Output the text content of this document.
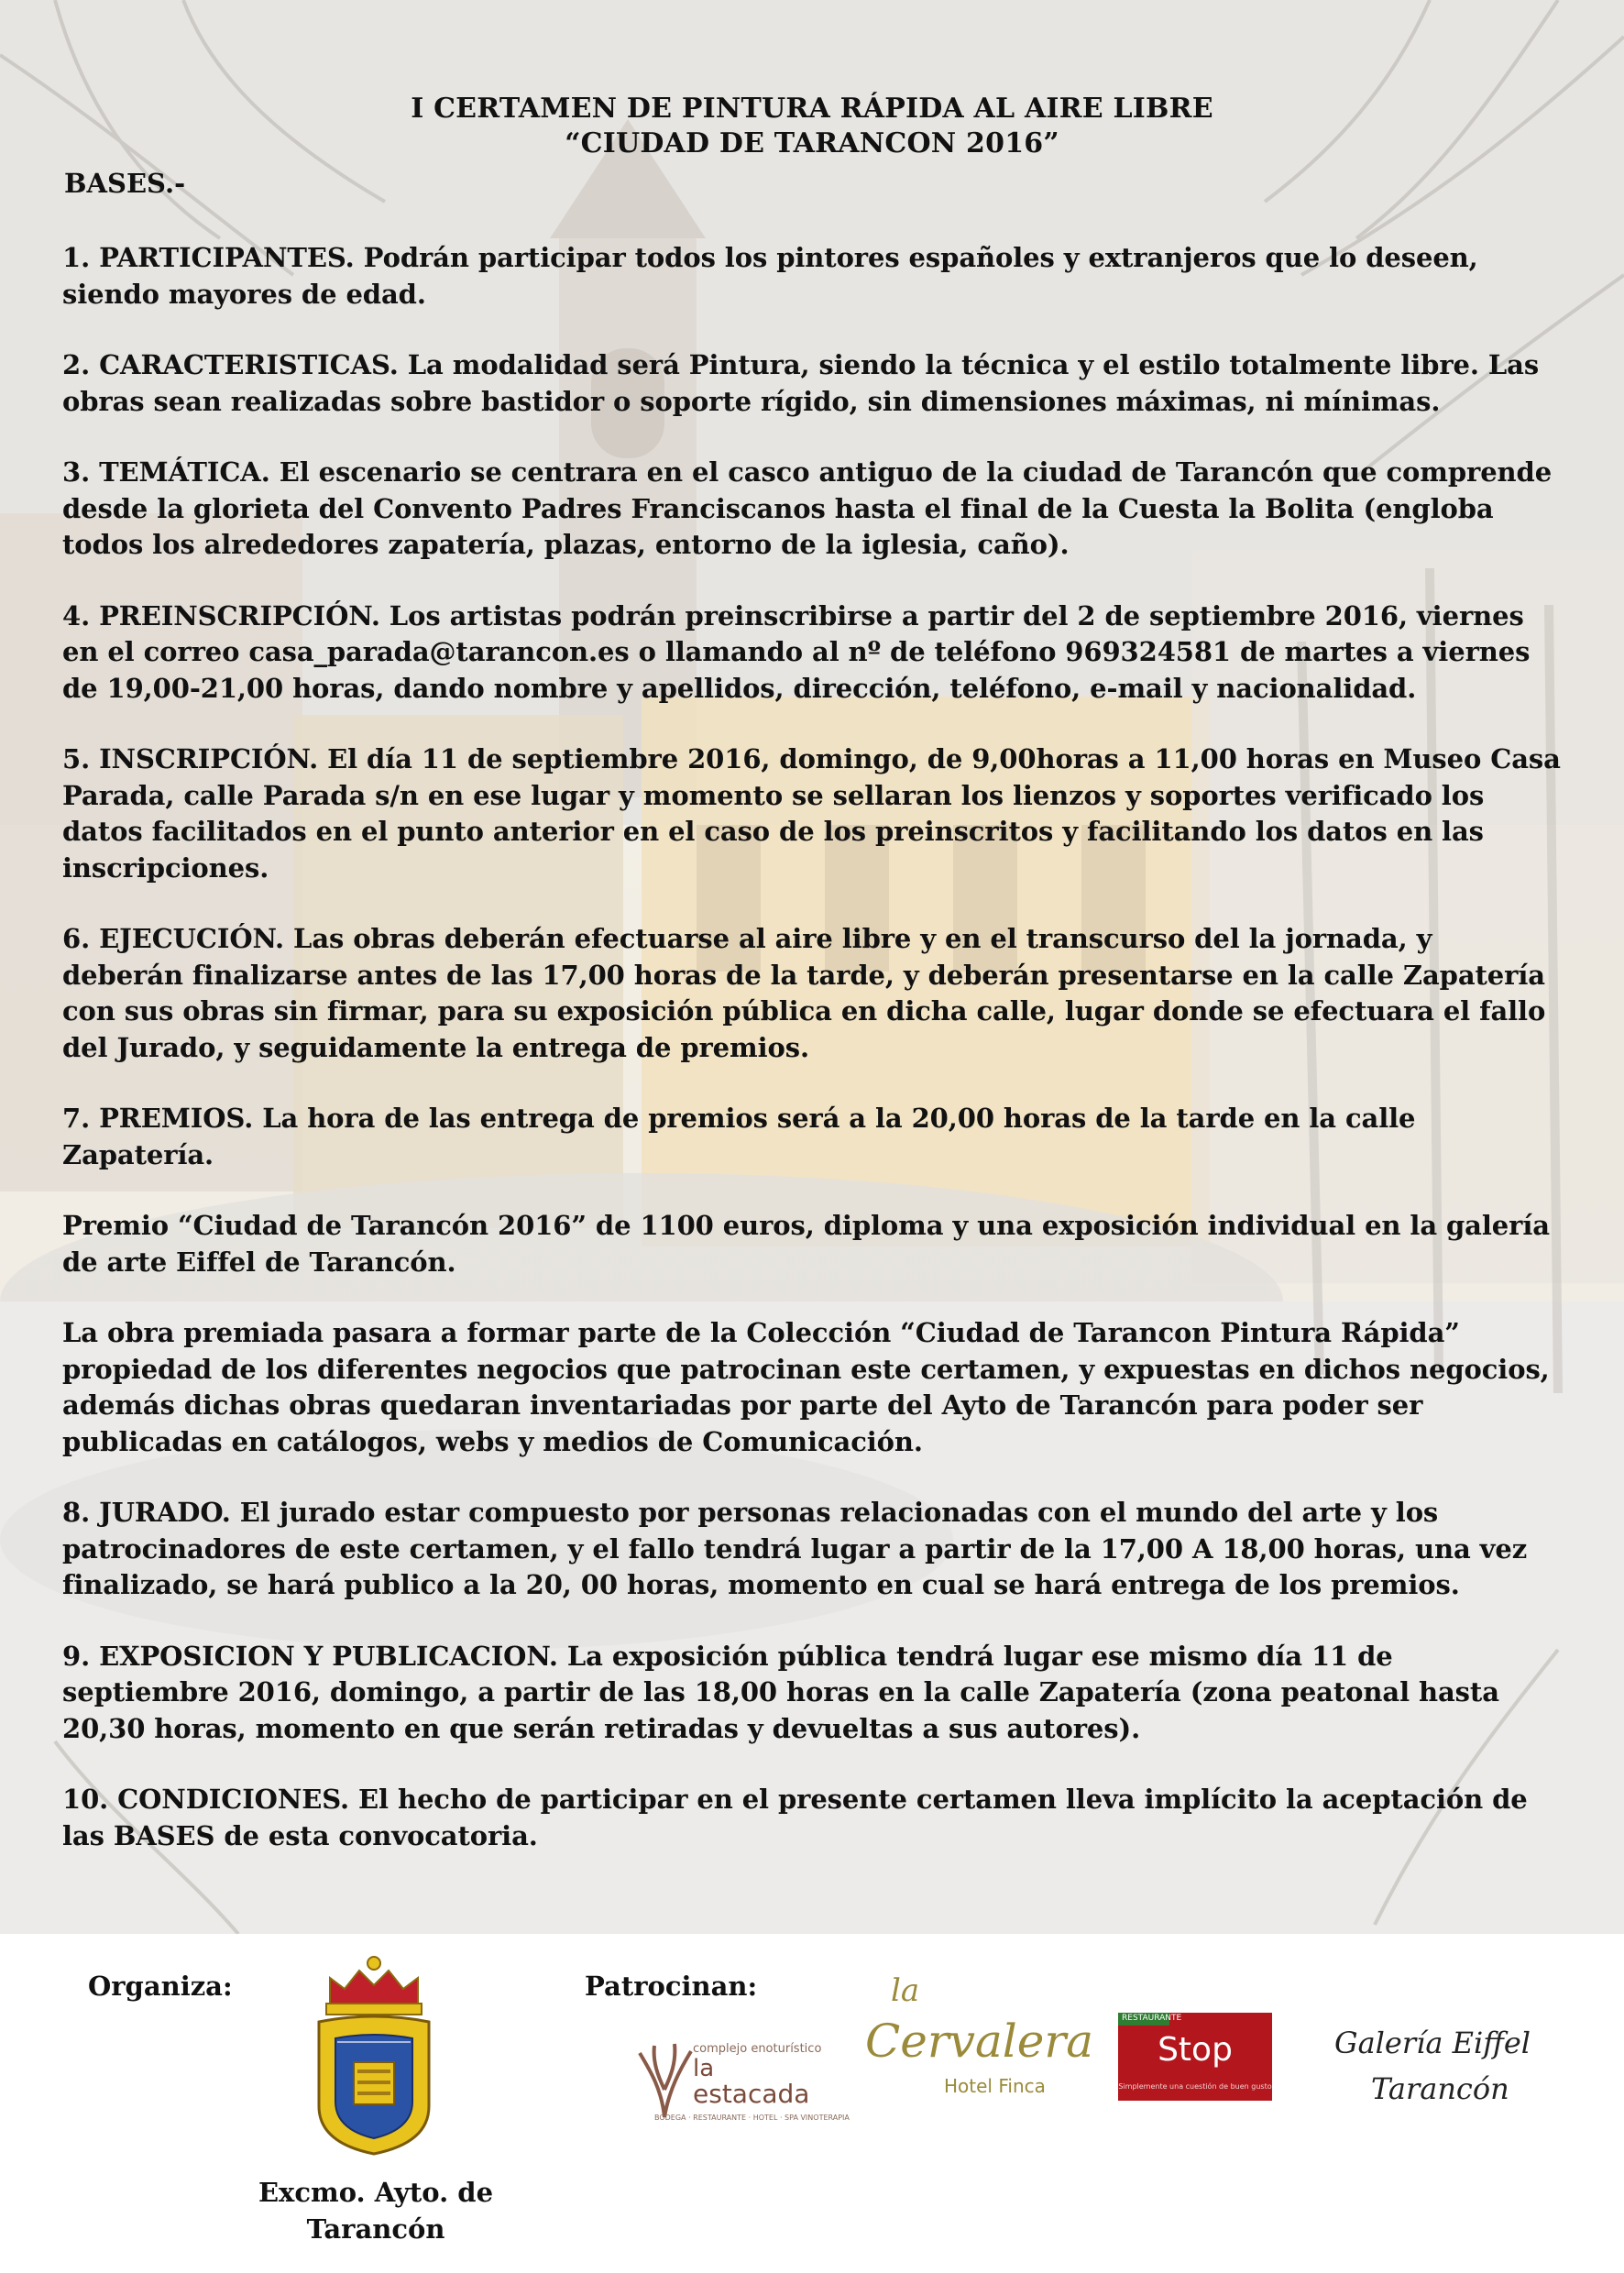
I CERTAMEN DE PINTURA RÁPIDA AL AIRE LIBRE
“CIUDAD DE TARANCON 2016”
BASES.-
1. PARTICIPANTES. Podrán participar todos los pintores españoles y extranjeros que lo deseen, siendo mayores de edad.
2. CARACTERISTICAS. La modalidad será Pintura, siendo la técnica y el estilo totalmente libre. Las obras sean realizadas sobre bastidor o soporte rígido, sin dimensiones máximas, ni mínimas.
3. TEMÁTICA. El escenario se centrara en el casco antiguo de la ciudad de Tarancón que comprende desde la glorieta del Convento Padres Franciscanos hasta el final de la Cuesta la Bolita (engloba todos los alrededores zapatería, plazas, entorno de la iglesia, caño).
4. PREINSCRIPCIÓN. Los artistas podrán preinscribirse a partir del 2 de septiembre 2016, viernes en el correo casa_parada@tarancon.es o llamando al nº de teléfono 969324581 de martes a viernes de 19,00-21,00 horas, dando nombre y apellidos, dirección, teléfono, e-mail y nacionalidad.
5. INSCRIPCIÓN. El día 11 de septiembre 2016, domingo, de 9,00horas a 11,00 horas en Museo Casa Parada, calle Parada s/n en ese lugar y momento se sellaran los lienzos y soportes verificado los datos facilitados en el punto anterior en el caso de los preinscritos y facilitando los datos en las inscripciones.
6. EJECUCIÓN. Las obras deberán efectuarse al aire libre y en el transcurso del la jornada, y deberán finalizarse antes de las 17,00 horas de la tarde, y deberán presentarse en la calle Zapatería con sus obras sin firmar, para su exposición pública en dicha calle, lugar donde se efectuara el fallo del Jurado, y seguidamente la entrega de premios.
7. PREMIOS. La hora de las entrega de premios será a la 20,00 horas de la tarde en la calle Zapatería.
Premio “Ciudad de Tarancón 2016” de 1100 euros, diploma y una exposición individual en la galería de arte Eiffel de Tarancón.
La obra premiada pasara a formar parte de la Colección “Ciudad de Tarancon Pintura Rápida” propiedad de los diferentes negocios que patrocinan este certamen, y expuestas en dichos negocios, además dichas obras quedaran inventariadas por parte del Ayto de Tarancón para poder ser publicadas en catálogos, webs y medios de Comunicación.
8. JURADO. El jurado estar compuesto por personas relacionadas con el mundo del arte y los patrocinadores de este certamen, y el fallo tendrá lugar a partir de la 17,00 A 18,00 horas, una vez finalizado, se hará publico a la 20, 00 horas, momento en cual se hará entrega de los premios.
9. EXPOSICION Y PUBLICACION. La exposición pública tendrá lugar ese mismo día 11 de septiembre 2016, domingo, a partir de las 18,00 horas en la calle Zapatería (zona peatonal hasta 20,30 horas, momento en que serán retiradas y devueltas a sus autores).
10. CONDICIONES. El hecho de participar en el presente certamen lleva implícito la aceptación de las BASES de esta convocatoria.
Organiza:	Patrocinan:
Excmo. Ayto. de
Tarancón
complejo enoturístico
la
estacada
BODEGA · RESTAURANTE · HOTEL · SPA VINOTERAPIA
la
Cervalera
Hotel Finca
RESTAURANTE
Stop
Simplemente una cuestión de buen gusto
Galería Eiffel
Tarancón
